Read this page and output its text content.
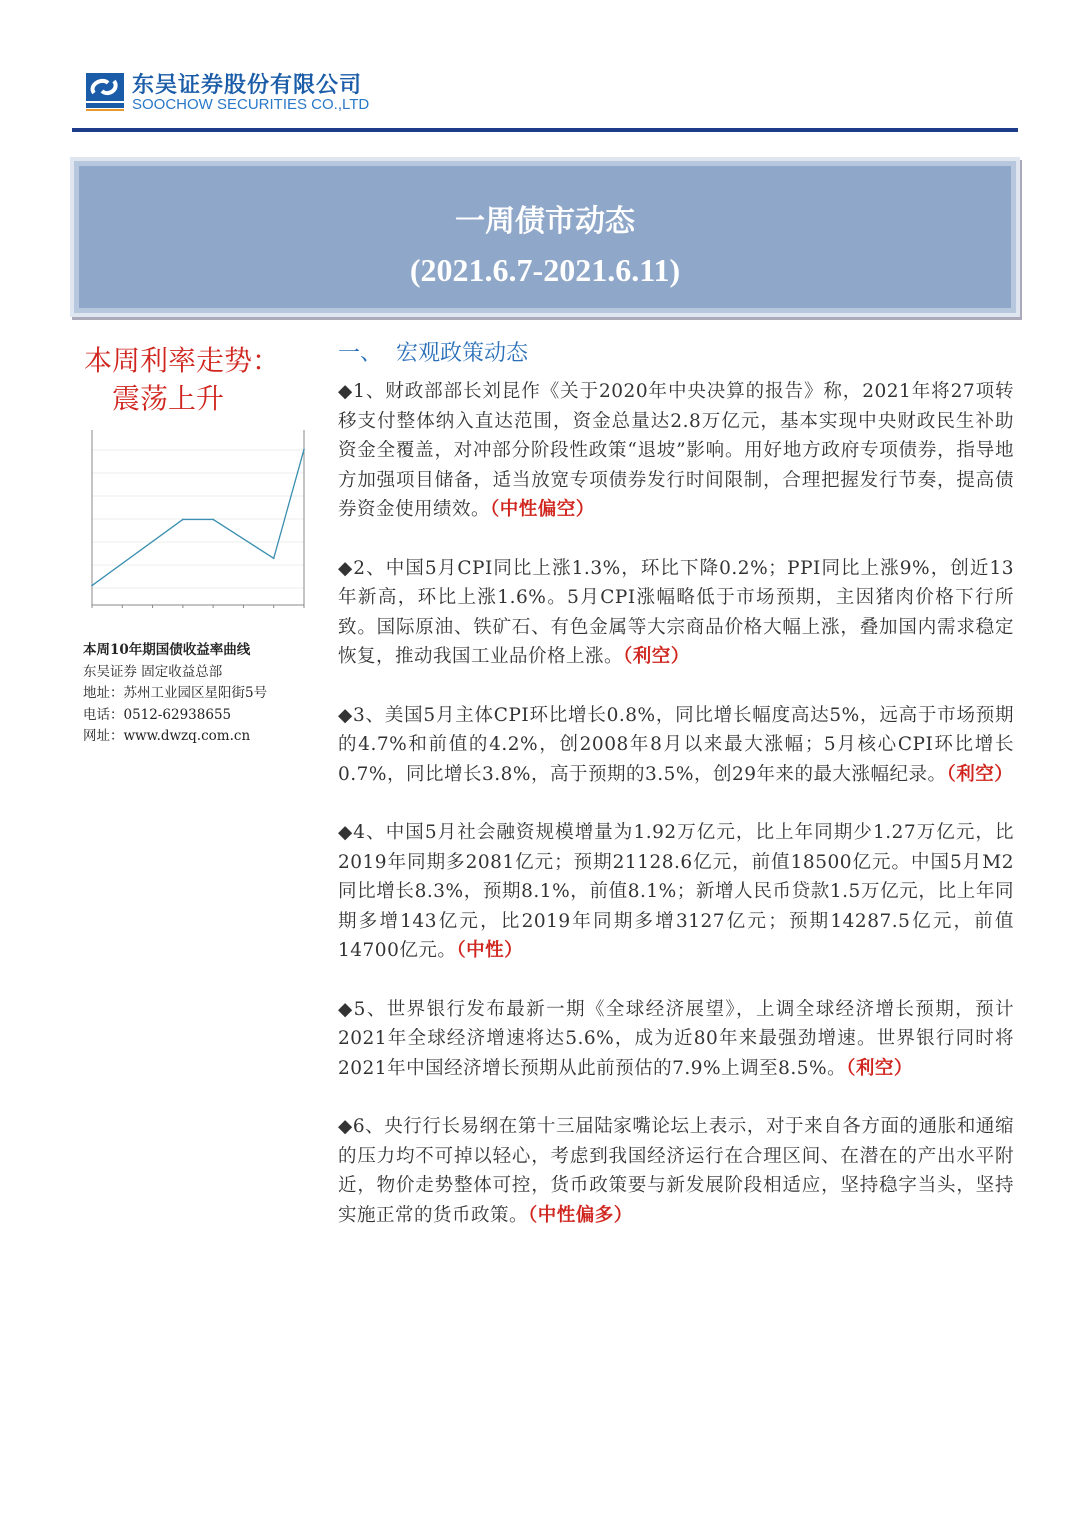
东吴证券股份有限公司
SOOCHOW SECURITIES CO.,LTD
一周债市动态
(2021.6.7-2021.6.11)
本周利率走势：
震荡上升
本周10年期国债收益率曲线
东吴证券 固定收益总部
地址：苏州工业园区星阳街5号
电话：0512-62938655
网址：www.dwzq.com.cn
一、  宏观政策动态

◆1、财政部部长刘昆作《关于2020年中央决算的报告》称，2021年将27项转移支付整体纳入直达范围，资金总量达2.8万亿元，基本实现中央财政民生补助资金全覆盖，对冲部分阶段性政策“退坡”影响。用好地方政府专项债券，指导地方加强项目储备，适当放宽专项债券发行时间限制，合理把握发行节奏，提高债券资金使用绩效。（中性偏空）

◆2、中国5月CPI同比上涨1.3%，环比下降0.2%；PPI同比上涨9%，创近13年新高，环比上涨1.6%。5月CPI涨幅略低于市场预期，主因猪肉价格下行所致。国际原油、铁矿石、有色金属等大宗商品价格大幅上涨，叠加国内需求稳定恢复，推动我国工业品价格上涨。（利空）

◆3、美国5月主体CPI环比增长0.8%，同比增长幅度高达5%，远高于市场预期的4.7%和前值的4.2%，创2008年8月以来最大涨幅；5月核心CPI环比增长0.7%，同比增长3.8%，高于预期的3.5%，创29年来的最大涨幅纪录。（利空）

◆4、中国5月社会融资规模增量为1.92万亿元，比上年同期少1.27万亿元，比2019年同期多2081亿元；预期21128.6亿元，前值18500亿元。中国5月M2同比增长8.3%，预期8.1%，前值8.1%；新增人民币贷款1.5万亿元，比上年同期多增143亿元，比2019年同期多增3127亿元；预期14287.5亿元，前值14700亿元。（中性）

◆5、世界银行发布最新一期《全球经济展望》，上调全球经济增长预期，预计2021年全球经济增速将达5.6%，成为近80年来最强劲增速。世界银行同时将2021年中国经济增长预期从此前预估的7.9%上调至8.5%。（利空）

◆6、央行行长易纲在第十三届陆家嘴论坛上表示，对于来自各方面的通胀和通缩的压力均不可掉以轻心，考虑到我国经济运行在合理区间、在潜在的产出水平附近，物价走势整体可控，货币政策要与新发展阶段相适应，坚持稳字当头，坚持实施正常的货币政策。（中性偏多）
